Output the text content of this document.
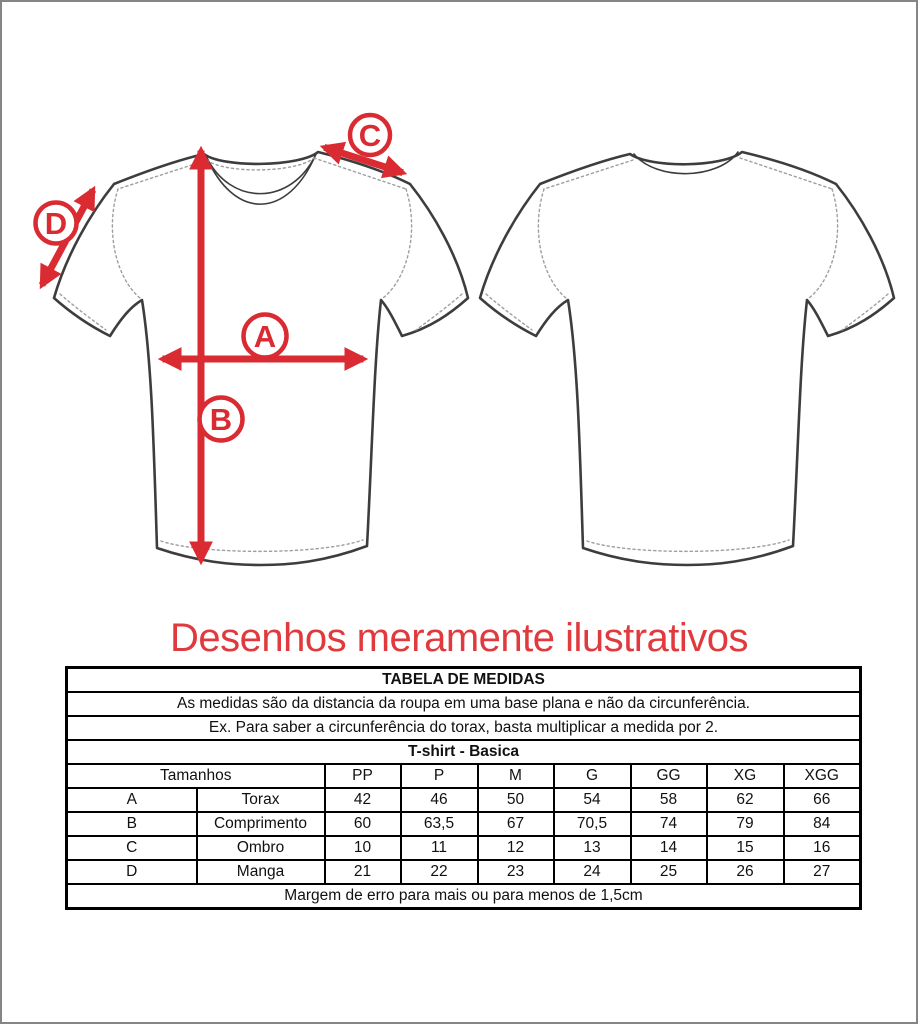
A
B
C
D
Desenhos meramente ilustrativos
TABELA DE MEDIDAS								
As medidas são da distancia da roupa em uma base plana e não da circunferência.								
Ex. Para saber a circunferência do torax, basta multiplicar a medida por 2.								
T-shirt - Basica								
Tamanhos		PP	P	M	G	GG	XG	XGG
A	Torax	42	46	50	54	58	62	66
B	Comprimento	60	63,5	67	70,5	74	79	84
C	Ombro	10	11	12	13	14	15	16
D	Manga	21	22	23	24	25	26	27
Margem de erro para mais ou para menos de 1,5cm								
